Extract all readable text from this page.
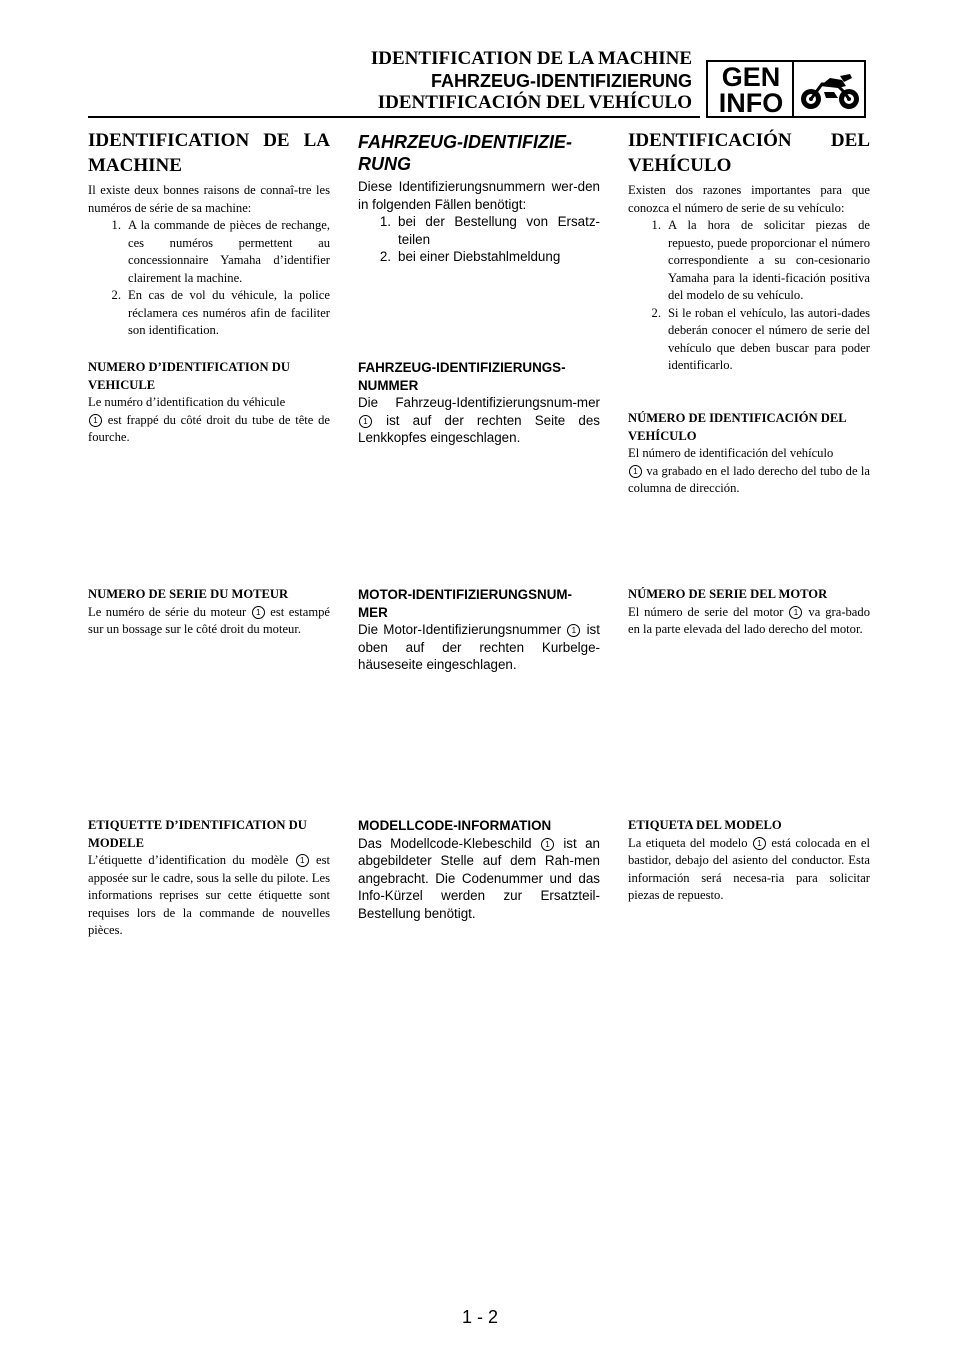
IDENTIFICATION DE LA MACHINE
FAHRZEUG-IDENTIFIZIERUNG
IDENTIFICACIÓN DEL VEHÍCULO
GEN
INFO
IDENTIFICATION DE LA MACHINE

Il existe deux bonnes raisons de connaî-tre les numéros de série de sa machine:

1. A la commande de pièces de rechange, ces numéros permettent au concessionnaire Yamaha d’identifier clairement la machine.
2. En cas de vol du véhicule, la police réclamera ces numéros afin de faciliter son identification.
NUMERO D’IDENTIFICATION DU VEHICULE

Le numéro d’identification du véhicule
1 est frappé du côté droit du tube de tête de fourche.

NUMERO DE SERIE DU MOTEUR

Le numéro de série du moteur 1 est estampé sur un bossage sur le côté droit du moteur.

ETIQUETTE D’IDENTIFICATION DU MODELE

L’étiquette d’identification du modèle 1 est apposée sur le cadre, sous la selle du pilote. Les informations reprises sur cette étiquette sont requises lors de la commande de nouvelles pièces.

FAHRZEUG-IDENTIFIZIE-RUNG

Diese Identifizierungsnummern wer-den in folgenden Fällen benötigt:

1. bei der Bestellung von Ersatz-teilen
2. bei einer Diebstahlmeldung
FAHRZEUG-IDENTIFIZIERUNGS-NUMMER

Die Fahrzeug-Identifizierungsnum-mer 1 ist auf der rechten Seite des Lenkkopfes eingeschlagen.

MOTOR-IDENTIFIZIERUNGSNUM-MER

Die Motor-Identifizierungsnummer 1 ist oben auf der rechten Kurbelge-häuseseite eingeschlagen.

MODELLCODE-INFORMATION

Das Modellcode-Klebeschild 1 ist an abgebildeter Stelle auf dem Rah-men angebracht. Die Codenummer und das Info-Kürzel werden zur Ersatzteil-Bestellung benötigt.

IDENTIFICACIÓN DEL VEHÍCULO

Existen dos razones importantes para que conozca el número de serie de su vehículo:

1. A la hora de solicitar piezas de repuesto, puede proporcionar el número correspondiente a su con-cesionario Yamaha para la identi-ficación positiva del modelo de su vehículo.
2. Si le roban el vehículo, las autori-dades deberán conocer el número de serie del vehículo que deben buscar para poder identificarlo.
NÚMERO DE IDENTIFICACIÓN DEL VEHÍCULO

El número de identificación del vehículo
1 va grabado en el lado derecho del tubo de la columna de dirección.

NÚMERO DE SERIE DEL MOTOR

El número de serie del motor 1 va gra-bado en la parte elevada del lado derecho del motor.

ETIQUETA DEL MODELO

La etiqueta del modelo 1 está colocada en el bastidor, debajo del asiento del conductor. Esta información será necesa-ria para solicitar piezas de repuesto.

1 - 2
